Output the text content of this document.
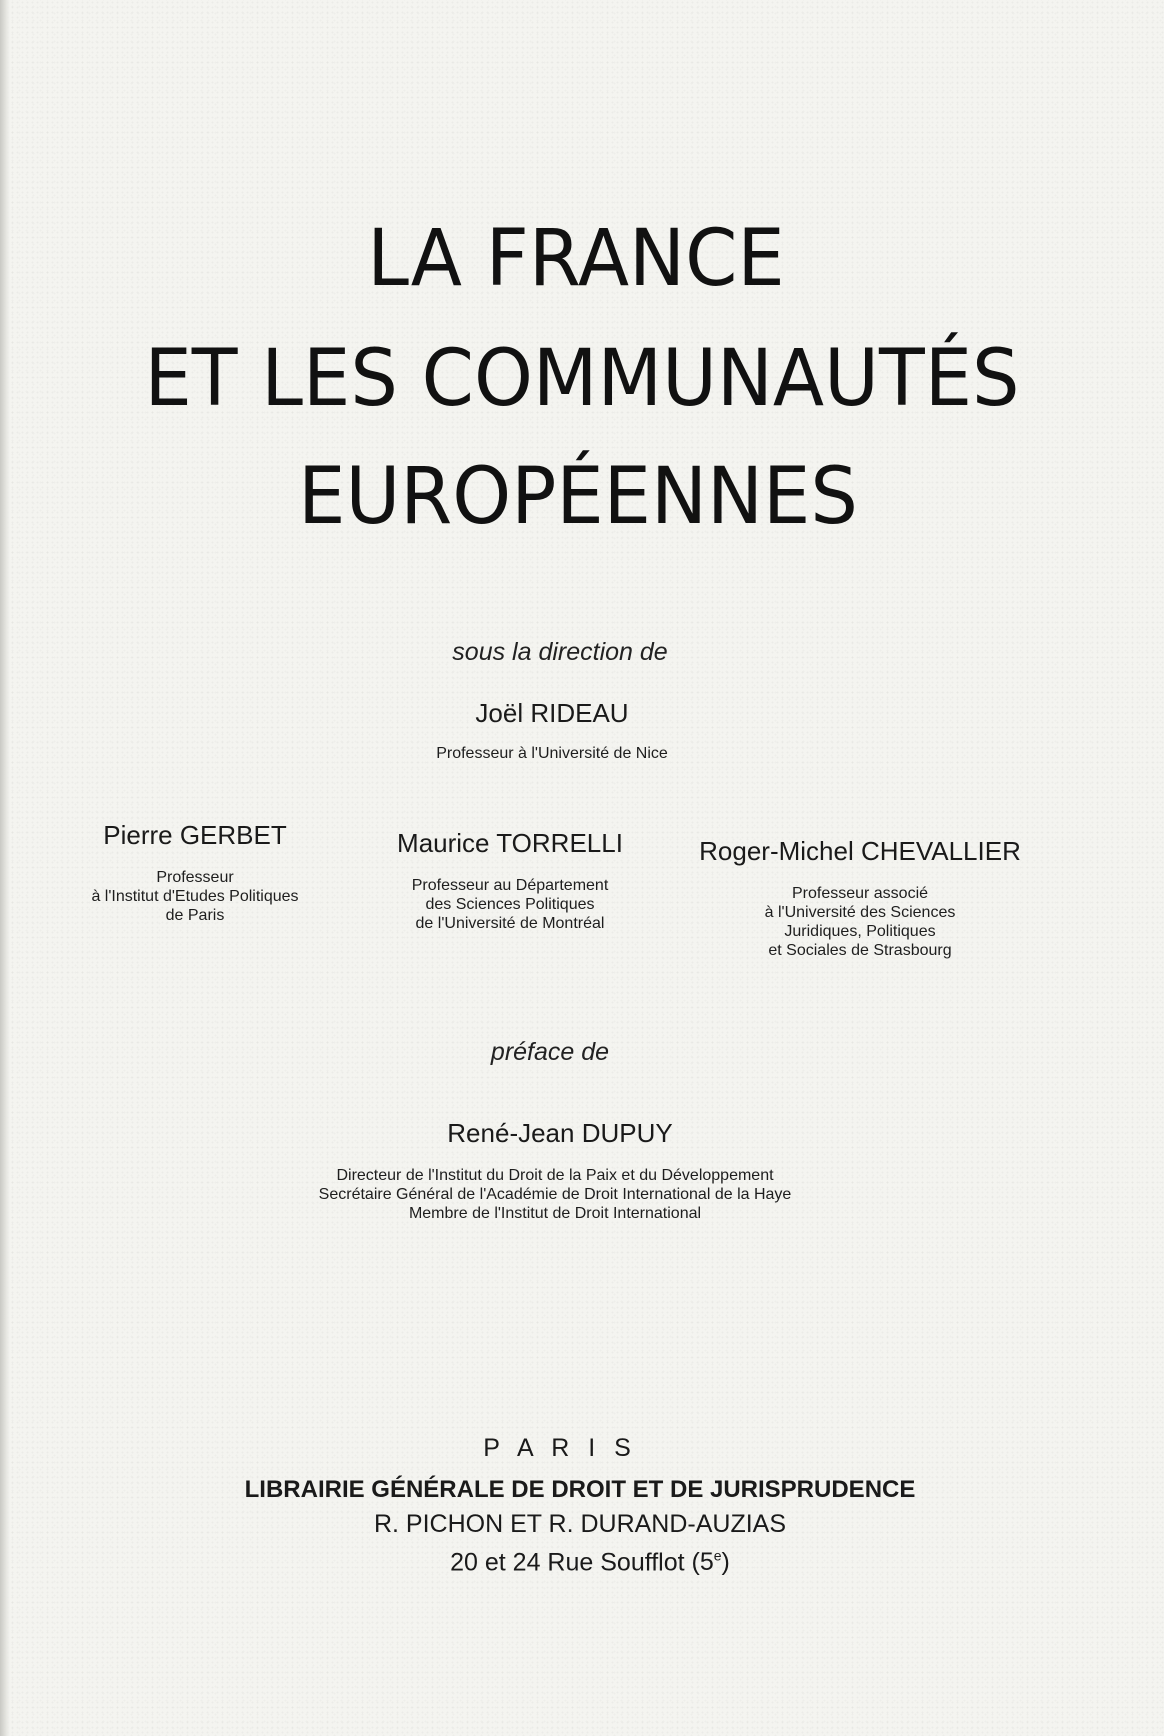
LA FRANCE
ET LES COMMUNAUTÉS
EUROPÉENNES
sous la direction de
Joël RIDEAU
Professeur à l'Université de Nice
Pierre GERBET
Professeur
à l'Institut d'Etudes Politiques
de Paris
Maurice TORRELLI
Professeur au Département
des Sciences Politiques
de l'Université de Montréal
Roger-Michel CHEVALLIER
Professeur associé
à l'Université des Sciences
Juridiques, Politiques
et Sociales de Strasbourg
préface de
René-Jean DUPUY
Directeur de l'Institut du Droit de la Paix et du Développement
Secrétaire Général de l'Académie de Droit International de la Haye
Membre de l'Institut de Droit International
P A R I S
LIBRAIRIE GÉNÉRALE DE DROIT ET DE JURISPRUDENCE
R. PICHON ET R. DURAND-AUZIAS
20 et 24 Rue Soufflot (5e)
